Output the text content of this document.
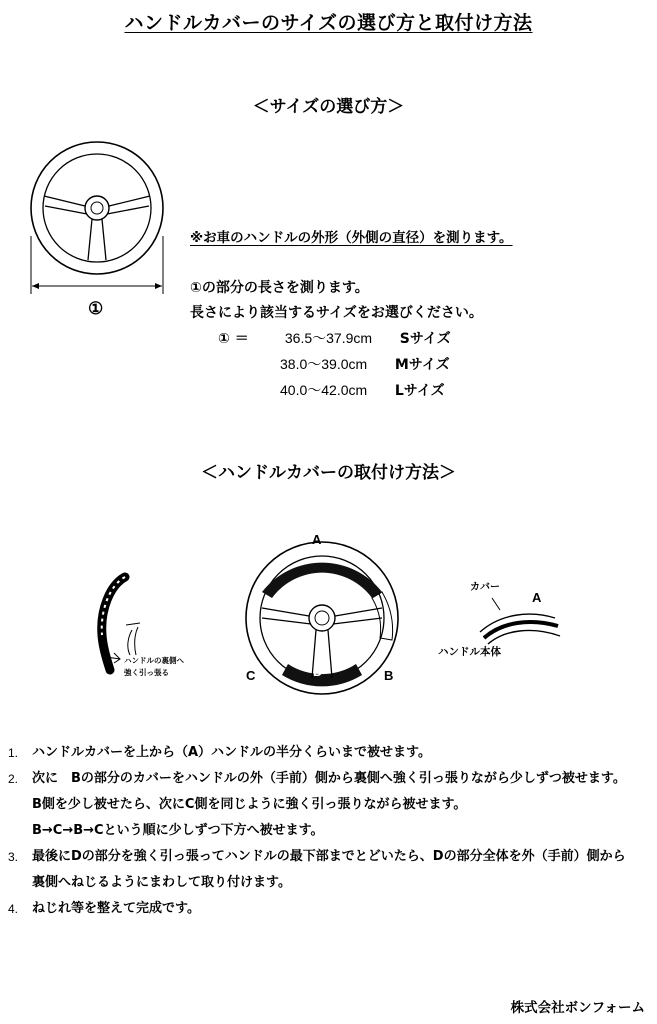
ハンドルカバーのサイズの選び方と取付け方法
＜サイズの選び方＞
①
※お車のハンドルの外形（外側の直径）を測ります。
①の部分の長さを測ります。
長さにより該当するサイズをお選びください。
① ＝	36.5～37.9cm Sサイズ
38.0～39.0cm Mサイズ
40.0～42.0cm Lサイズ
＜ハンドルカバーの取付け方法＞
ハンドルの裏側へ
強く引っ張る
A
B
C	D
カバー
A
ハンドル本体
1. ハンドルカバーを上から（A）ハンドルの半分くらいまで被せます。
2. 次に　Bの部分のカバーをハンドルの外（手前）側から裏側へ強く引っ張りながら少しずつ被せます。
B側を少し被せたら、次にC側を同じように強く引っ張りながら被せます。
B→C→B→Cという順に少しずつ下方へ被せます。
3. 最後にDの部分を強く引っ張ってハンドルの最下部までとどいたら、Dの部分全体を外（手前）側から
裏側へねじるようにまわして取り付けます。
4. ねじれ等を整えて完成です。
株式会社ボンフォーム
